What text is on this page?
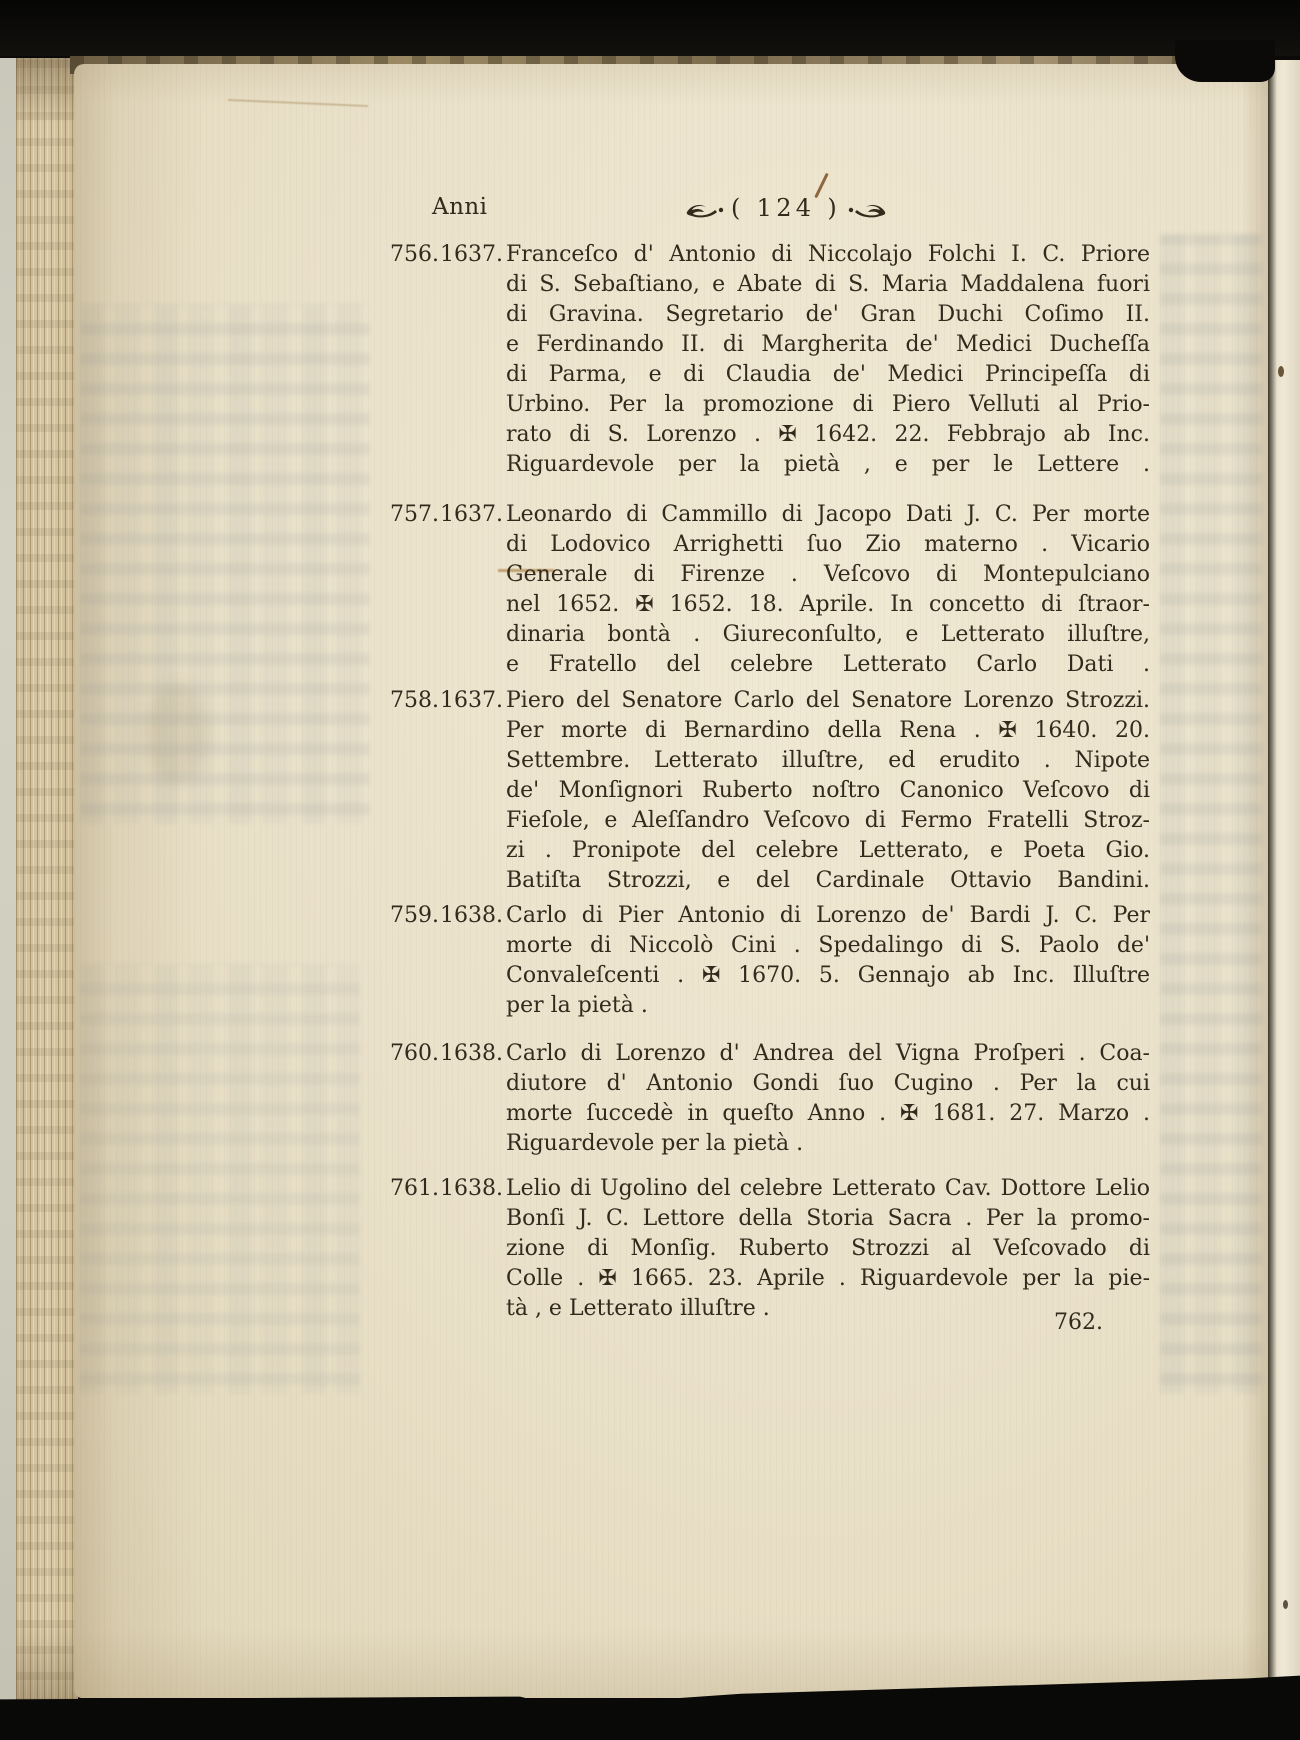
Anni	( 124 )
756. 1637. Franceſco d' Antonio di Niccolajo Folchi I. C. Priore
di S. Sebaſtiano, e Abate di S. Maria Maddalena fuori
di Gravina. Segretario de' Gran Duchi Coſimo II.
e Ferdinando II. di Margherita de' Medici Ducheſſa
di Parma, e di Claudia de' Medici Principeſſa di
Urbino. Per la promozione di Piero Velluti al Prio-
rato di S. Lorenzo . ✠ 1642. 22. Febbrajo ab Inc.
Riguardevole per la pietà , e per le Lettere .
757. 1637. Leonardo di Cammillo di Jacopo Dati J. C. Per morte
di Lodovico Arrighetti ſuo Zio materno . Vicario
Generale di Firenze . Veſcovo di Montepulciano
nel 1652. ✠ 1652. 18. Aprile. In concetto di ſtraor-
dinaria bontà . Giureconſulto, e Letterato illuſtre,
e Fratello del celebre Letterato Carlo Dati .
758. 1637. Piero del Senatore Carlo del Senatore Lorenzo Strozzi.
Per morte di Bernardino della Rena . ✠ 1640. 20.
Settembre. Letterato illuſtre, ed erudito . Nipote
de' Monſignori Ruberto noſtro Canonico Veſcovo di
Fieſole, e Aleſſandro Veſcovo di Fermo Fratelli Stroz-
zi . Pronipote del celebre Letterato, e Poeta Gio.
Batiſta Strozzi, e del Cardinale Ottavio Bandini.
759. 1638. Carlo di Pier Antonio di Lorenzo de' Bardi J. C. Per
morte di Niccolò Cini . Spedalingo di S. Paolo de'
Convaleſcenti . ✠ 1670. 5. Gennajo ab Inc. Illuſtre
per la pietà .
760. 1638. Carlo di Lorenzo d' Andrea del Vigna Proſperi . Coa-
diutore d' Antonio Gondi ſuo Cugino . Per la cui
morte ſuccedè in queſto Anno . ✠ 1681. 27. Marzo .
Riguardevole per la pietà .
761. 1638. Lelio di Ugolino del celebre Letterato Cav. Dottore Lelio
Bonſi J. C. Lettore della Storia Sacra . Per la promo-
zione di Monſig. Ruberto Strozzi al Veſcovado di
Colle . ✠ 1665. 23. Aprile . Riguardevole per la pie-
tà , e Letterato illuſtre .
762.
